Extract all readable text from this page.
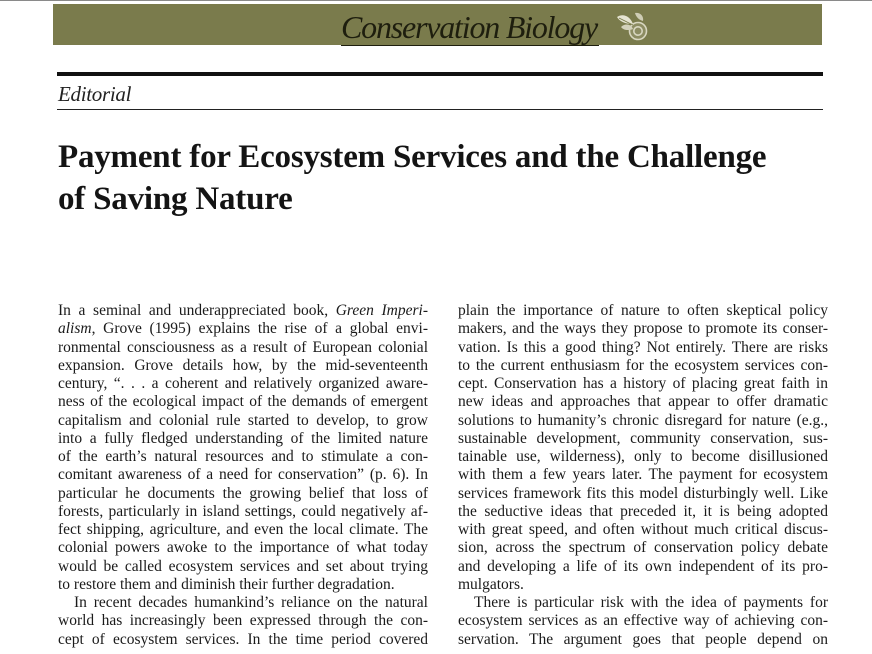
Conservation Biology
Editorial
Payment for Ecosystem Services and the Challenge
of Saving Nature
In a seminal and underappreciated book, Green Imperi-
alism, Grove (1995) explains the rise of a global envi-
ronmental consciousness as a result of European colonial
expansion. Grove details how, by the mid-seventeenth
century, “. . . a coherent and relatively organized aware-
ness of the ecological impact of the demands of emergent
capitalism and colonial rule started to develop, to grow
into a fully fledged understanding of the limited nature
of the earth’s natural resources and to stimulate a con-
comitant awareness of a need for conservation” (p. 6). In
particular he documents the growing belief that loss of
forests, particularly in island settings, could negatively af-
fect shipping, agriculture, and even the local climate. The
colonial powers awoke to the importance of what today
would be called ecosystem services and set about trying
to restore them and diminish their further degradation.
In recent decades humankind’s reliance on the natural
world has increasingly been expressed through the con-
cept of ecosystem services. In the time period covered
plain the importance of nature to often skeptical policy
makers, and the ways they propose to promote its conser-
vation. Is this a good thing? Not entirely. There are risks
to the current enthusiasm for the ecosystem services con-
cept. Conservation has a history of placing great faith in
new ideas and approaches that appear to offer dramatic
solutions to humanity’s chronic disregard for nature (e.g.,
sustainable development, community conservation, sus-
tainable use, wilderness), only to become disillusioned
with them a few years later. The payment for ecosystem
services framework fits this model disturbingly well. Like
the seductive ideas that preceded it, it is being adopted
with great speed, and often without much critical discus-
sion, across the spectrum of conservation policy debate
and developing a life of its own independent of its pro-
mulgators.
There is particular risk with the idea of payments for
ecosystem services as an effective way of achieving con-
servation. The argument goes that people depend on
